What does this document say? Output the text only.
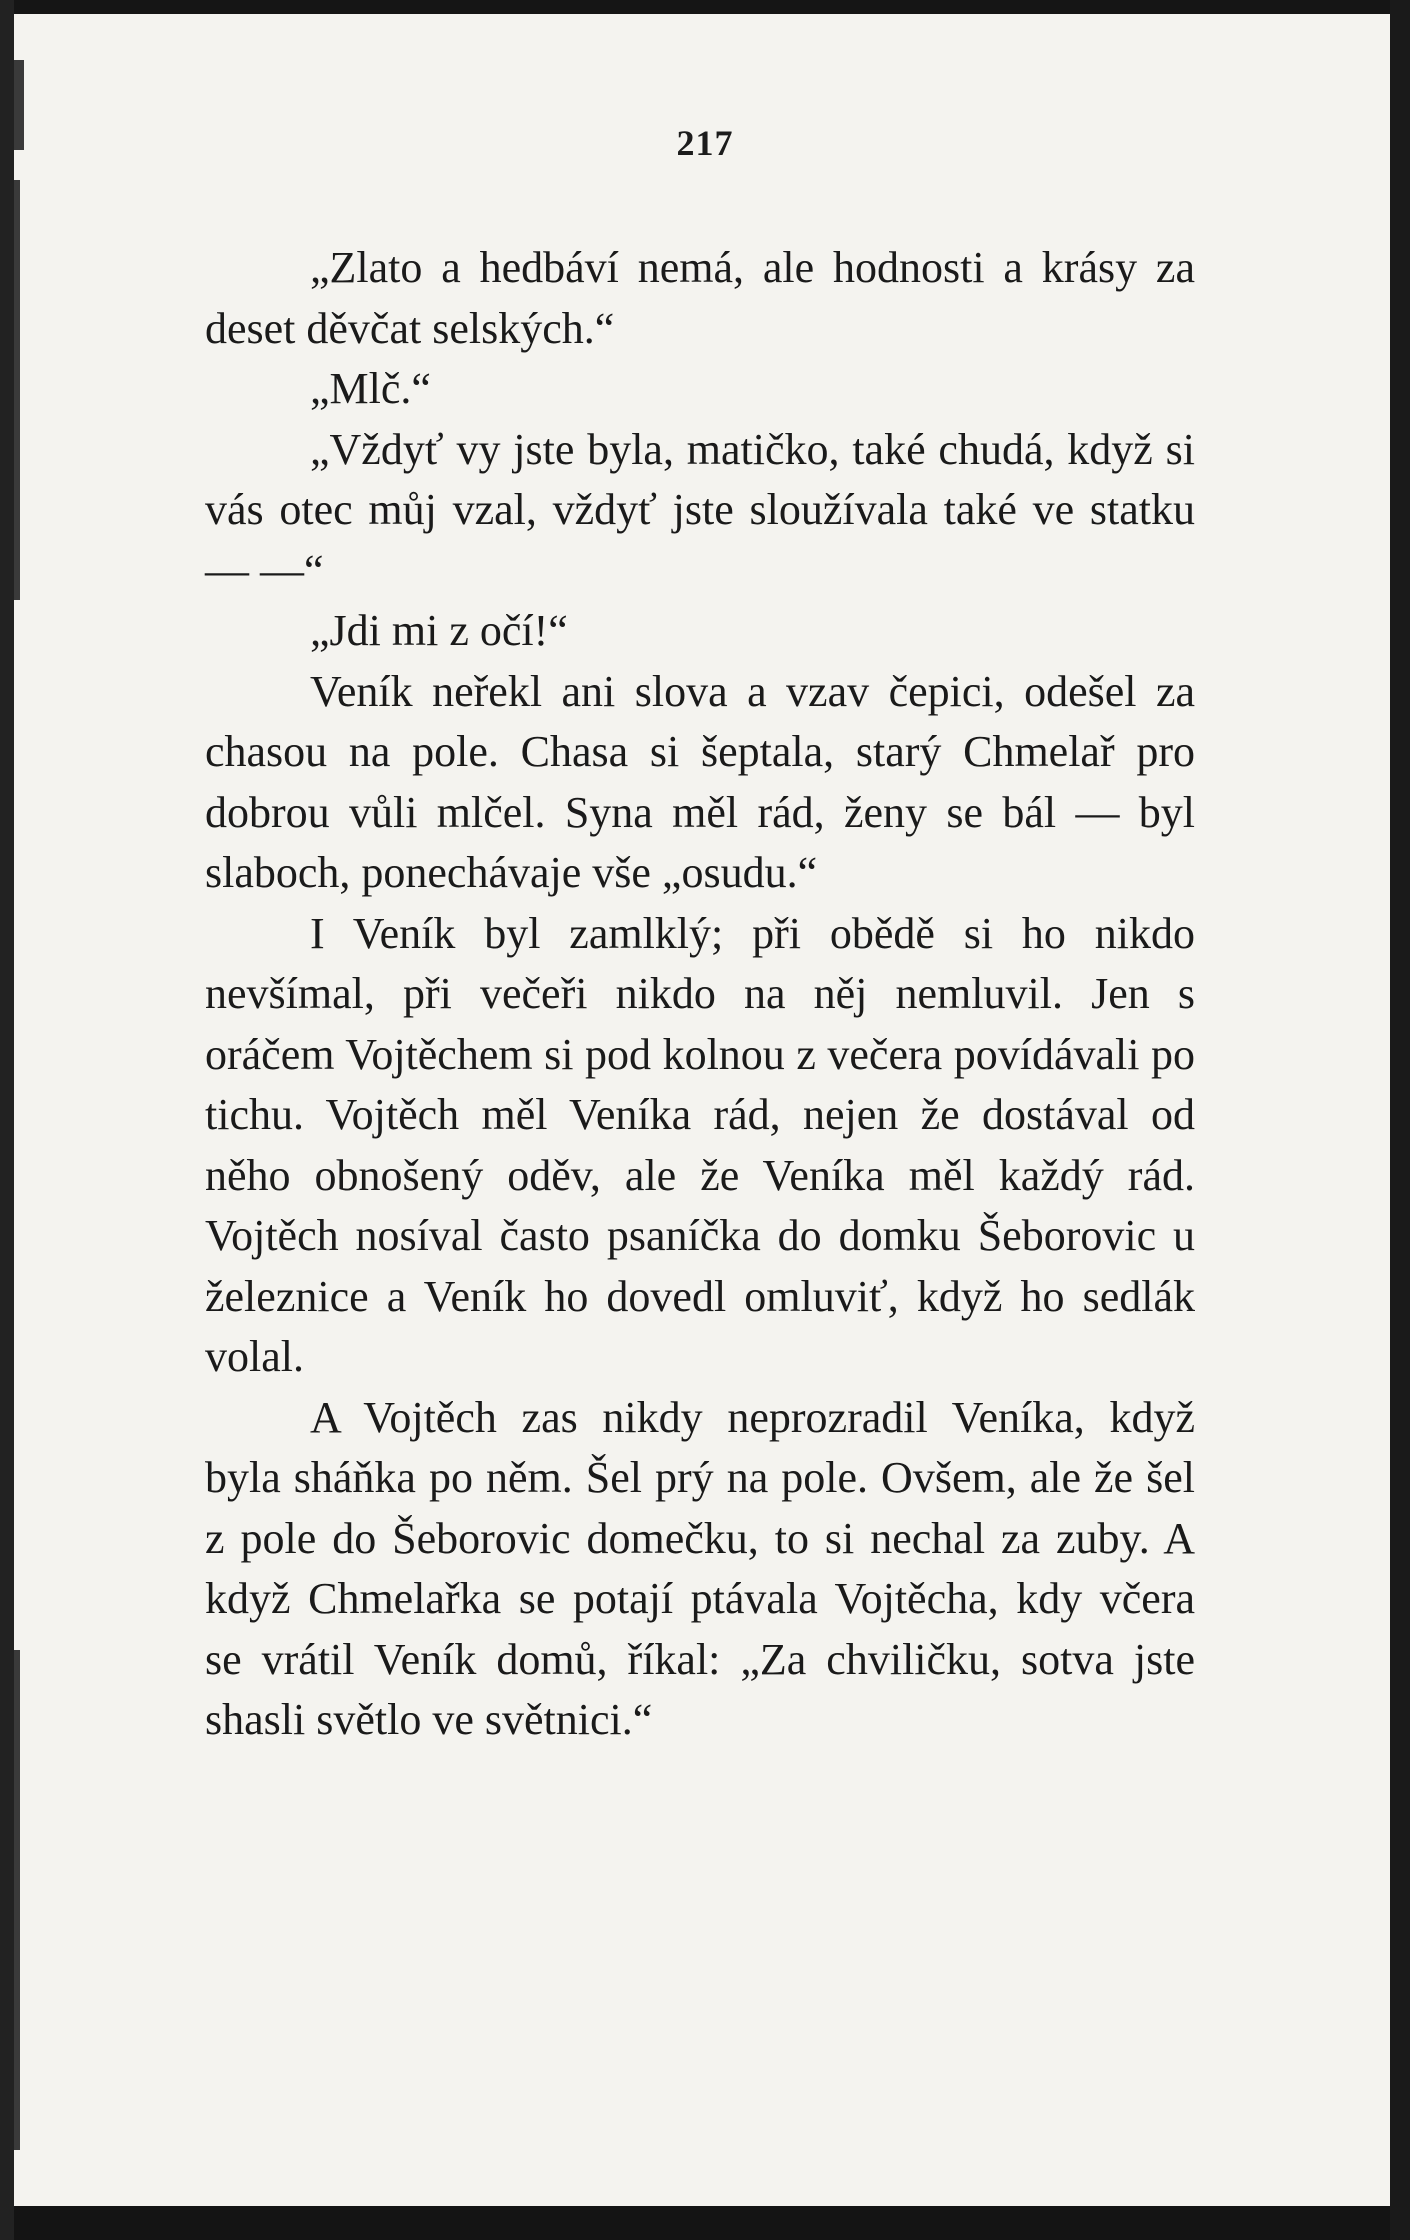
217

„Zlato a hedbáví nemá, ale hodnosti a krásy za deset děvčat selských.“

„Mlč.“

„Vždyť vy jste byla, matičko, také chudá, když si vás otec můj vzal, vždyť jste sloužívala také ve statku — —“

„Jdi mi z očí!“

Veník neřekl ani slova a vzav čepici, odešel za chasou na pole. Chasa si šeptala, starý Chmelař pro dobrou vůli mlčel. Syna měl rád, ženy se bál — byl slaboch, ponechávaje vše „osudu.“

I Veník byl zamlklý; při obědě si ho nikdo nevšímal, při večeři nikdo na něj nemluvil. Jen s oráčem Vojtěchem si pod kolnou z večera povídávali po tichu. Vojtěch měl Veníka rád, nejen že dostával od něho obnošený oděv, ale že Veníka měl každý rád. Vojtěch nosíval často psaníčka do domku Šeborovic u železnice a Veník ho dovedl omluviť, když ho sedlák volal.

A Vojtěch zas nikdy neprozradil Veníka, když byla sháňka po něm. Šel prý na pole. Ovšem, ale že šel z pole do Šeborovic domečku, to si nechal za zuby. A když Chmelařka se potají ptávala Vojtěcha, kdy včera se vrátil Veník domů, říkal: „Za chviličku, sotva jste shasli světlo ve světnici.“
